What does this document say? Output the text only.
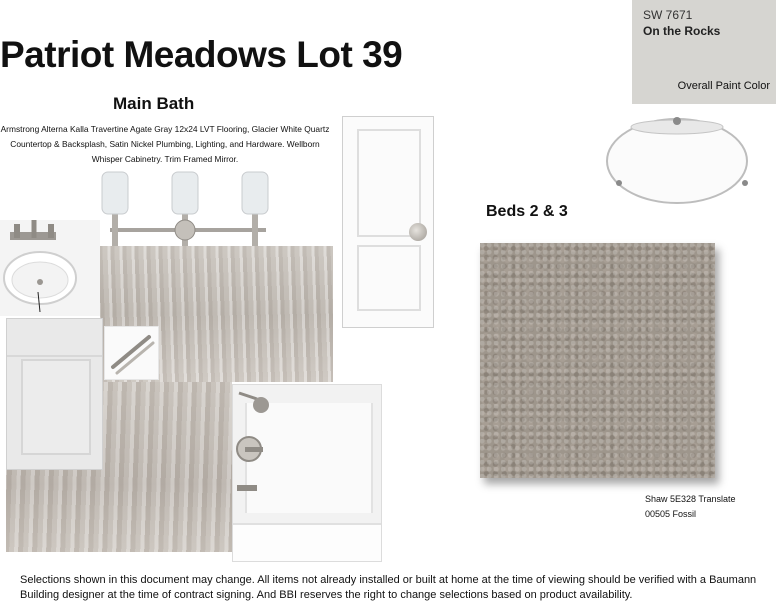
Patriot Meadows Lot 39
SW 7671
On the Rocks
Overall Paint Color
Main Bath
Armstrong Alterna Kalla Travertine Agate Gray 12x24 LVT Flooring, Glacier White Quartz Countertop & Backsplash, Satin Nickel Plumbing, Lighting, and Hardware. Wellborn Whisper Cabinetry. Trim Framed Mirror.
Beds 2 & 3
Shaw 5E328 Translate
00505 Fossil
Selections shown in this document may change. All items not already installed or built at home at the time of viewing should be verified with a Baumann Building designer at the time of contract signing. And BBI reserves the right to change selections based on product availability.
